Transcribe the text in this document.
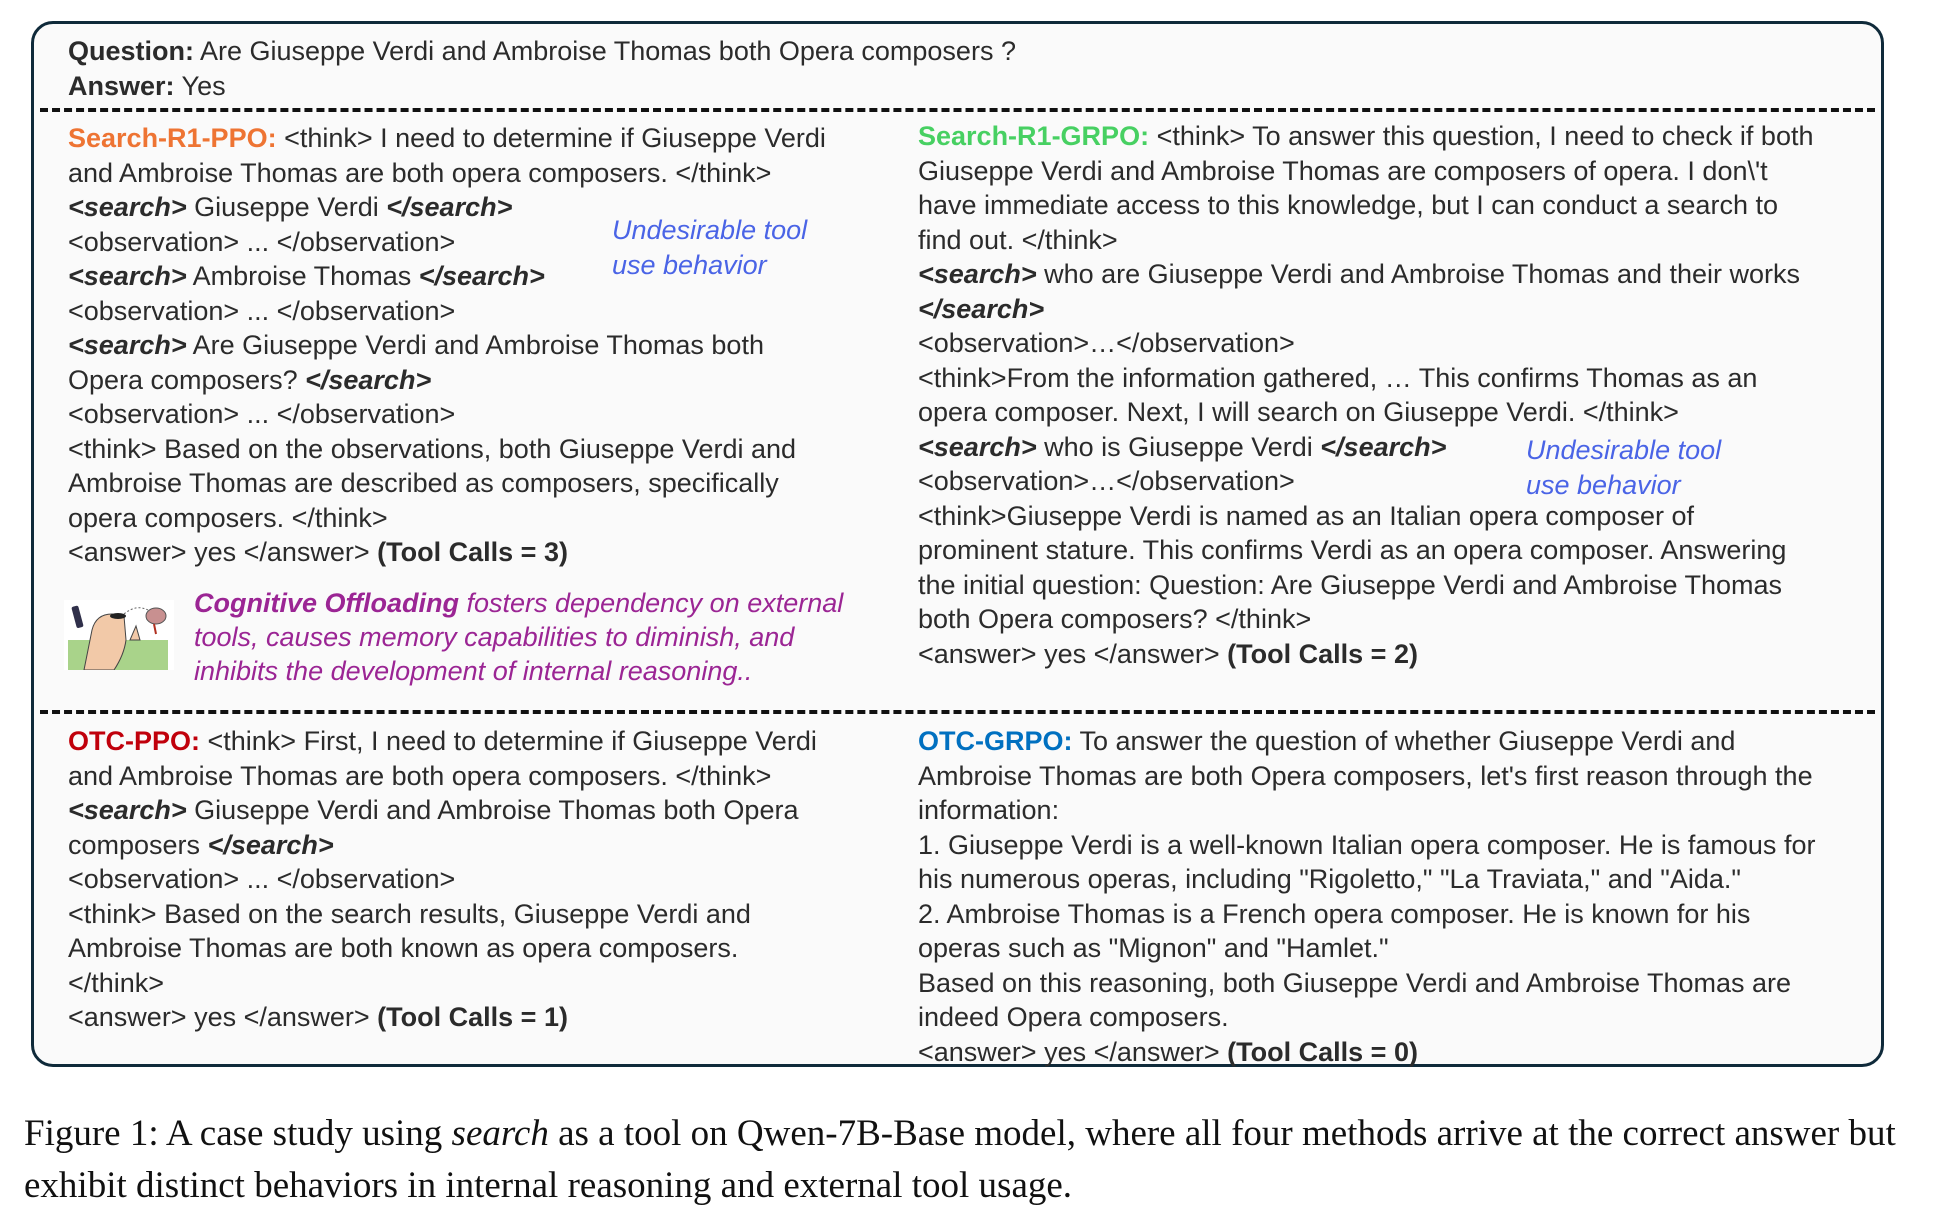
Question: Are Giuseppe Verdi and Ambroise Thomas both Opera composers ?
Answer: Yes
Search-R1-PPO: <think> I need to determine if Giuseppe Verdi
and Ambroise Thomas are both opera composers. </think>
<search> Giuseppe Verdi </search>
<observation> ... </observation>
<search> Ambroise Thomas </search>
<observation> ... </observation>
<search> Are Giuseppe Verdi and Ambroise Thomas both
Opera composers? </search>
<observation> ... </observation>
<think> Based on the observations, both Giuseppe Verdi and
Ambroise Thomas are described as composers, specifically
opera composers. </think>
<answer> yes </answer> (Tool Calls = 3)
Undesirable tool
use behavior
Cognitive Offloading fosters dependency on external
tools, causes memory capabilities to diminish, and
inhibits the development of internal reasoning..
Search-R1-GRPO: <think> To answer this question, I need to check if both
Giuseppe Verdi and Ambroise Thomas are composers of opera. I don\'t
have immediate access to this knowledge, but I can conduct a search to
find out. </think>
<search> who are Giuseppe Verdi and Ambroise Thomas and their works
</search>
<observation>…</observation>
<think>From the information gathered, … This confirms Thomas as an
opera composer. Next, I will search on Giuseppe Verdi. </think>
<search> who is Giuseppe Verdi </search>
<observation>…</observation>
<think>Giuseppe Verdi is named as an Italian opera composer of
prominent stature. This confirms Verdi as an opera composer. Answering
the initial question: Question: Are Giuseppe Verdi and Ambroise Thomas
both Opera composers? </think>
<answer> yes </answer> (Tool Calls = 2)
Undesirable tool
use behavior
OTC-PPO: <think> First, I need to determine if Giuseppe Verdi
and Ambroise Thomas are both opera composers. </think>
<search> Giuseppe Verdi and Ambroise Thomas both Opera
composers </search>
<observation> ... </observation>
<think> Based on the search results, Giuseppe Verdi and
Ambroise Thomas are both known as opera composers.
</think>
<answer> yes </answer> (Tool Calls = 1)
OTC-GRPO: To answer the question of whether Giuseppe Verdi and
Ambroise Thomas are both Opera composers, let's first reason through the
information:
1. Giuseppe Verdi is a well-known Italian opera composer. He is famous for
his numerous operas, including "Rigoletto," "La Traviata," and "Aida."
2. Ambroise Thomas is a French opera composer. He is known for his
operas such as "Mignon" and "Hamlet."
Based on this reasoning, both Giuseppe Verdi and Ambroise Thomas are
indeed Opera composers.
<answer> yes </answer> (Tool Calls = 0)
Figure 1: A case study using search as a tool on Qwen-7B-Base model, where all four methods arrive at the correct answer but exhibit distinct behaviors in internal reasoning and external tool usage.
